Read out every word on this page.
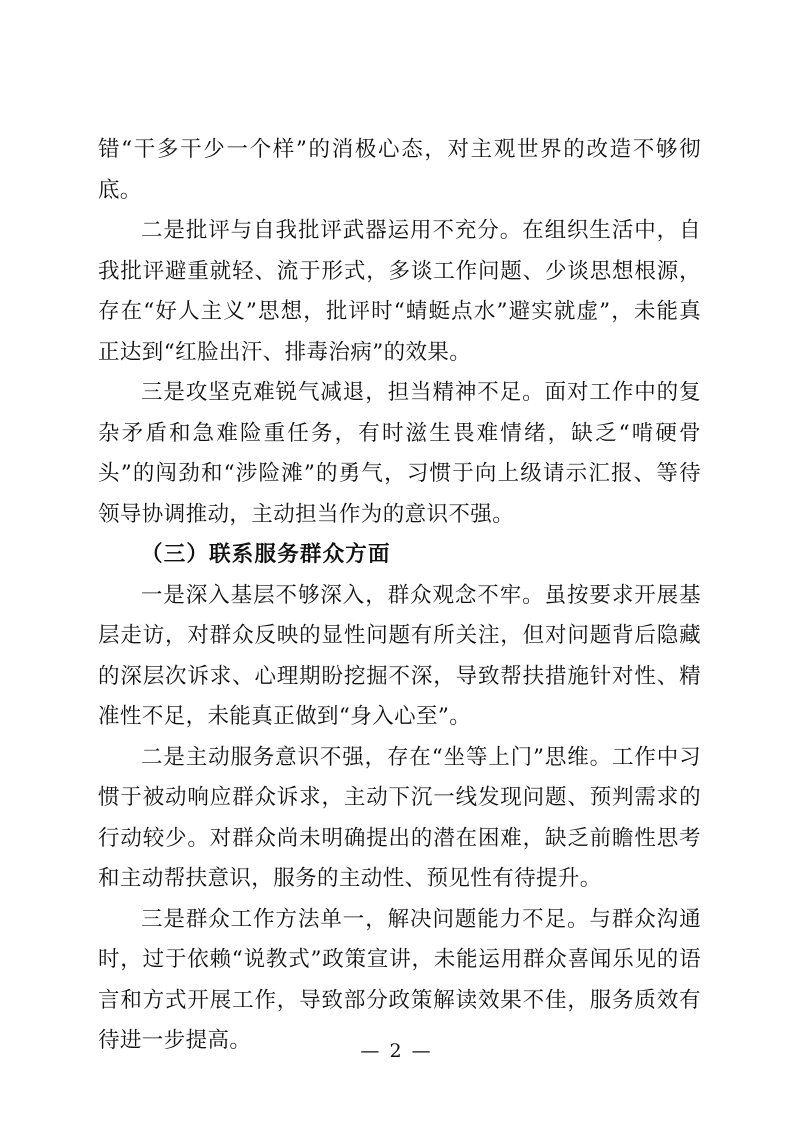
错“干多干少一个样”的消极心态，对主观世界的改造不够彻底。

二是批评与自我批评武器运用不充分。在组织生活中，自我批评避重就轻、流于形式，多谈工作问题、少谈思想根源，存在“好人主义”思想，批评时“蜻蜓点水”避实就虚”，未能真正达到“红脸出汗、排毒治病”的效果。

三是攻坚克难锐气减退，担当精神不足。面对工作中的复杂矛盾和急难险重任务，有时滋生畏难情绪，缺乏“啃硬骨头”的闯劲和“涉险滩”的勇气，习惯于向上级请示汇报、等待领导协调推动，主动担当作为的意识不强。

（三）联系服务群众方面

一是深入基层不够深入，群众观念不牢。虽按要求开展基层走访，对群众反映的显性问题有所关注，但对问题背后隐藏的深层次诉求、心理期盼挖掘不深，导致帮扶措施针对性、精准性不足，未能真正做到“身入心至”。

二是主动服务意识不强，存在“坐等上门”思维。工作中习惯于被动响应群众诉求，主动下沉一线发现问题、预判需求的行动较少。对群众尚未明确提出的潜在困难，缺乏前瞻性思考和主动帮扶意识，服务的主动性、预见性有待提升。

三是群众工作方法单一，解决问题能力不足。与群众沟通时，过于依赖“说教式”政策宣讲，未能运用群众喜闻乐见的语言和方式开展工作，导致部分政策解读效果不佳，服务质效有待进一步提高。	— 2 —
